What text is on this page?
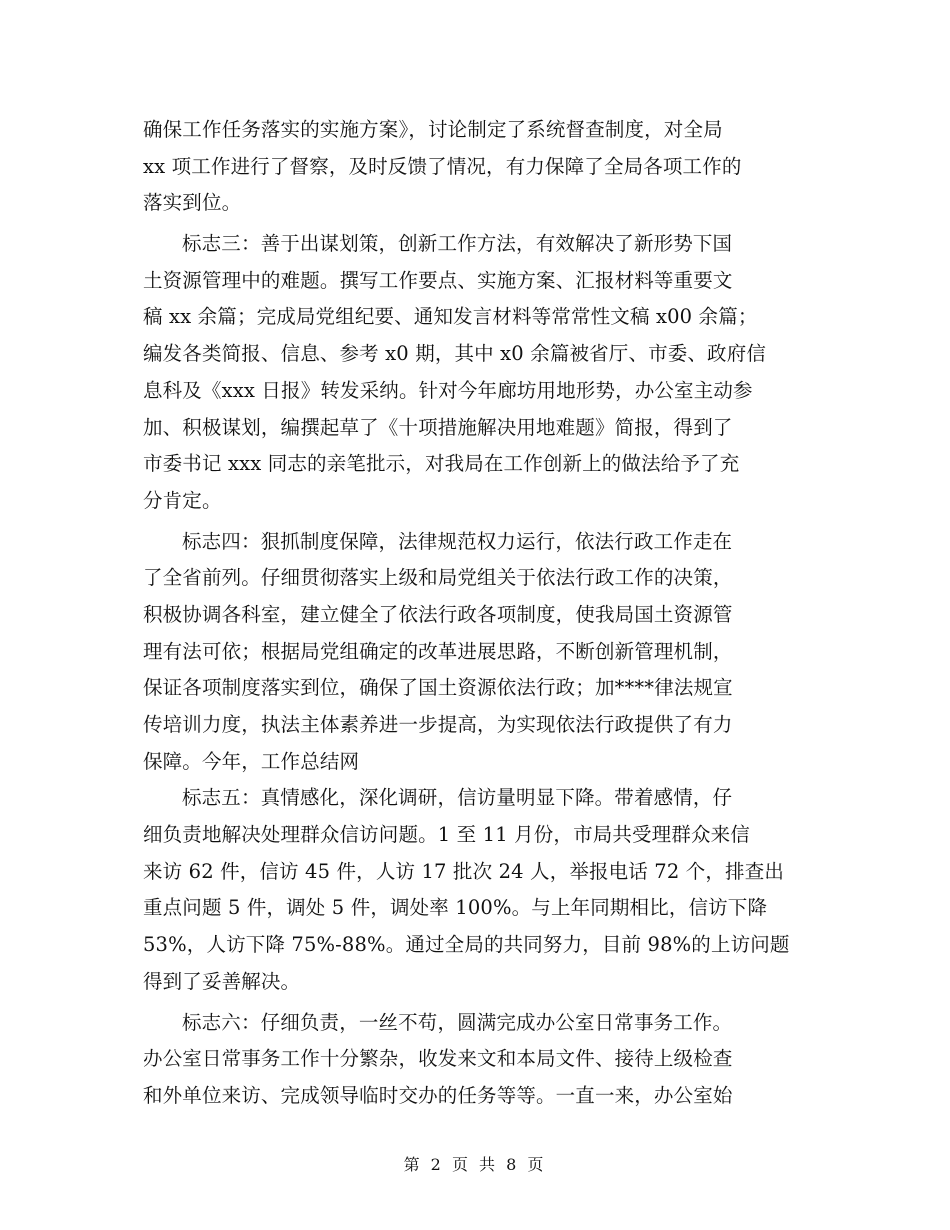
确保工作任务落实的实施方案》，讨论制定了系统督查制度，对全局
xx 项工作进行了督察，及时反馈了情况，有力保障了全局各项工作的
落实到位。
标志三：善于出谋划策，创新工作方法，有效解决了新形势下国
土资源管理中的难题。撰写工作要点、实施方案、汇报材料等重要文
稿 xx 余篇；完成局党组纪要、通知发言材料等常常性文稿 x00 余篇；
编发各类简报、信息、参考 x0 期，其中 x0 余篇被省厅、市委、政府信
息科及《xxx 日报》转发采纳。针对今年廊坊用地形势，办公室主动参
加、积极谋划，编撰起草了《十项措施解决用地难题》简报，得到了
市委书记 xxx 同志的亲笔批示，对我局在工作创新上的做法给予了充
分肯定。
标志四：狠抓制度保障，法律规范权力运行，依法行政工作走在
了全省前列。仔细贯彻落实上级和局党组关于依法行政工作的决策，
积极协调各科室，建立健全了依法行政各项制度，使我局国土资源管
理有法可依；根据局党组确定的改革进展思路，不断创新管理机制，
保证各项制度落实到位，确保了国土资源依法行政；加****律法规宣
传培训力度，执法主体素养进一步提高，为实现依法行政提供了有力
保障。今年，工作总结网
标志五：真情感化，深化调研，信访量明显下降。带着感情，仔
细负责地解决处理群众信访问题。1 至 11 月份，市局共受理群众来信
来访 62 件，信访 45 件，人访 17 批次 24 人，举报电话 72 个，排查出
重点问题 5 件，调处 5 件，调处率 100%。与上年同期相比，信访下降
53%，人访下降 75%-88%。通过全局的共同努力，目前 98%的上访问题
得到了妥善解决。
标志六：仔细负责，一丝不苟，圆满完成办公室日常事务工作。
办公室日常事务工作十分繁杂，收发来文和本局文件、接待上级检查
和外单位来访、完成领导临时交办的任务等等。一直一来，办公室始
第 2 页 共 8 页
